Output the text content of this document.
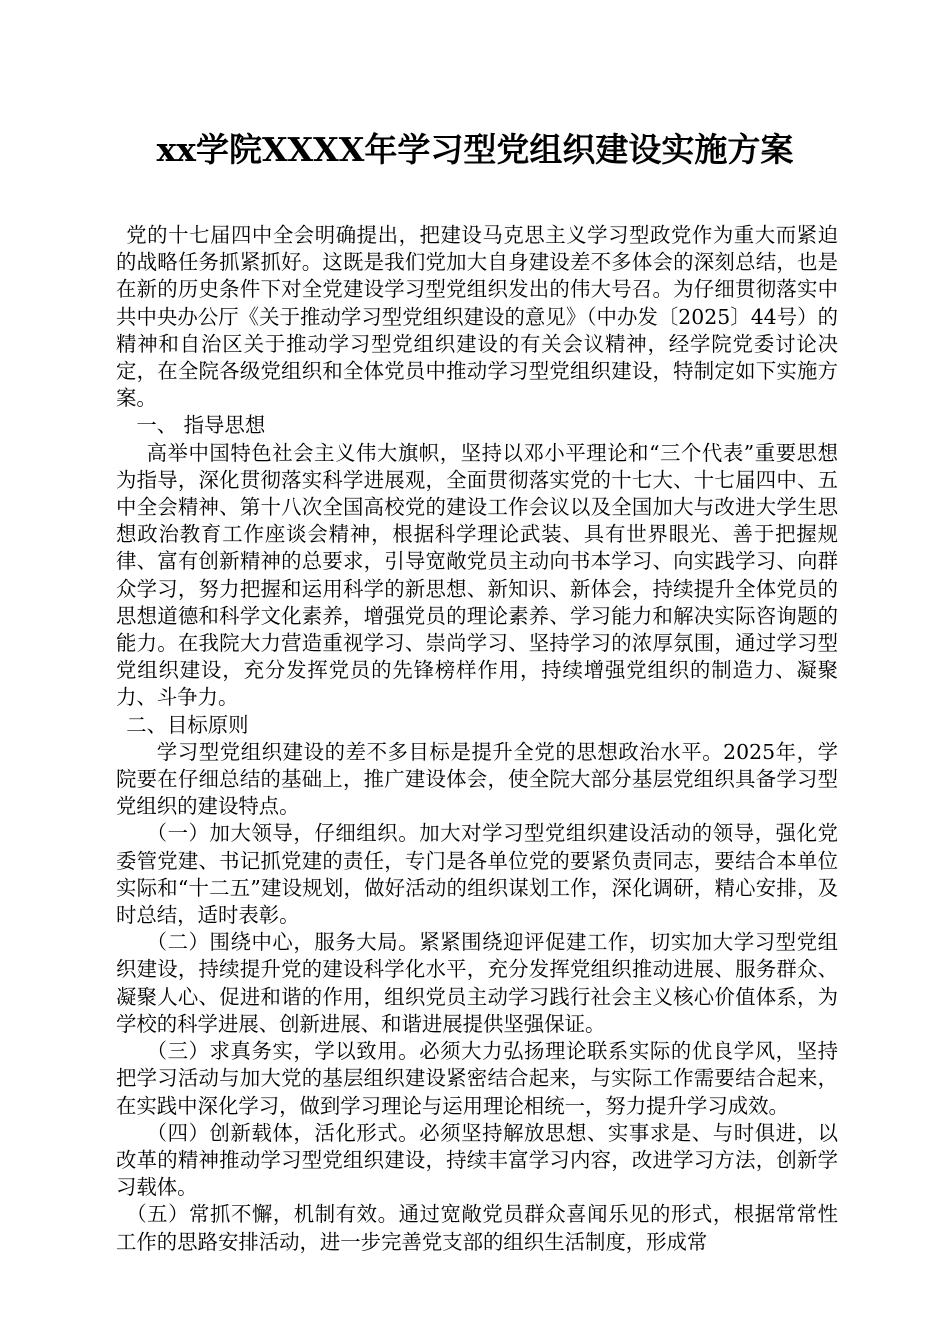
xx学院XXXX年学习型党组织建设实施方案

党的十七届四中全会明确提出，把建设马克思主义学习型政党作为重大而紧迫的战略任务抓紧抓好。这既是我们党加大自身建设差不多体会的深刻总结，也是在新的历史条件下对全党建设学习型党组织发出的伟大号召。为仔细贯彻落实中共中央办公厅《关于推动学习型党组织建设的意见》（中办发〔2025〕44号）的精神和自治区关于推动学习型党组织建设的有关会议精神，经学院党委讨论决定，在全院各级党组织和全体党员中推动学习型党组织建设，特制定如下实施方案。

一、 指导思想

高举中国特色社会主义伟大旗帜，坚持以邓小平理论和“三个代表”重要思想为指导，深化贯彻落实科学进展观，全面贯彻落实党的十七大、十七届四中、五中全会精神、第十八次全国高校党的建设工作会议以及全国加大与改进大学生思想政治教育工作座谈会精神，根据科学理论武装、具有世界眼光、善于把握规律、富有创新精神的总要求，引导宽敞党员主动向书本学习、向实践学习、向群众学习，努力把握和运用科学的新思想、新知识、新体会，持续提升全体党员的思想道德和科学文化素养，增强党员的理论素养、学习能力和解决实际咨询题的能力。在我院大力营造重视学习、崇尚学习、坚持学习的浓厚氛围，通过学习型党组织建设，充分发挥党员的先锋榜样作用，持续增强党组织的制造力、凝聚力、斗争力。

二、目标原则

学习型党组织建设的差不多目标是提升全党的思想政治水平。2025年，学院要在仔细总结的基础上，推广建设体会，使全院大部分基层党组织具备学习型党组织的建设特点。

（一）加大领导，仔细组织。加大对学习型党组织建设活动的领导，强化党委管党建、书记抓党建的责任，专门是各单位党的要紧负责同志，要结合本单位实际和“十二五”建设规划，做好活动的组织谋划工作，深化调研，精心安排，及时总结，适时表彰。

（二）围绕中心，服务大局。紧紧围绕迎评促建工作，切实加大学习型党组织建设，持续提升党的建设科学化水平，充分发挥党组织推动进展、服务群众、凝聚人心、促进和谐的作用，组织党员主动学习践行社会主义核心价值体系，为学校的科学进展、创新进展、和谐进展提供坚强保证。

（三）求真务实，学以致用。必须大力弘扬理论联系实际的优良学风，坚持把学习活动与加大党的基层组织建设紧密结合起来，与实际工作需要结合起来，在实践中深化学习，做到学习理论与运用理论相统一，努力提升学习成效。

（四）创新载体，活化形式。必须坚持解放思想、实事求是、与时俱进，以改革的精神推动学习型党组织建设，持续丰富学习内容，改进学习方法，创新学习载体。

（五）常抓不懈，机制有效。通过宽敞党员群众喜闻乐见的形式，根据常常性工作的思路安排活动，进一步完善党支部的组织生活制度，形成常
